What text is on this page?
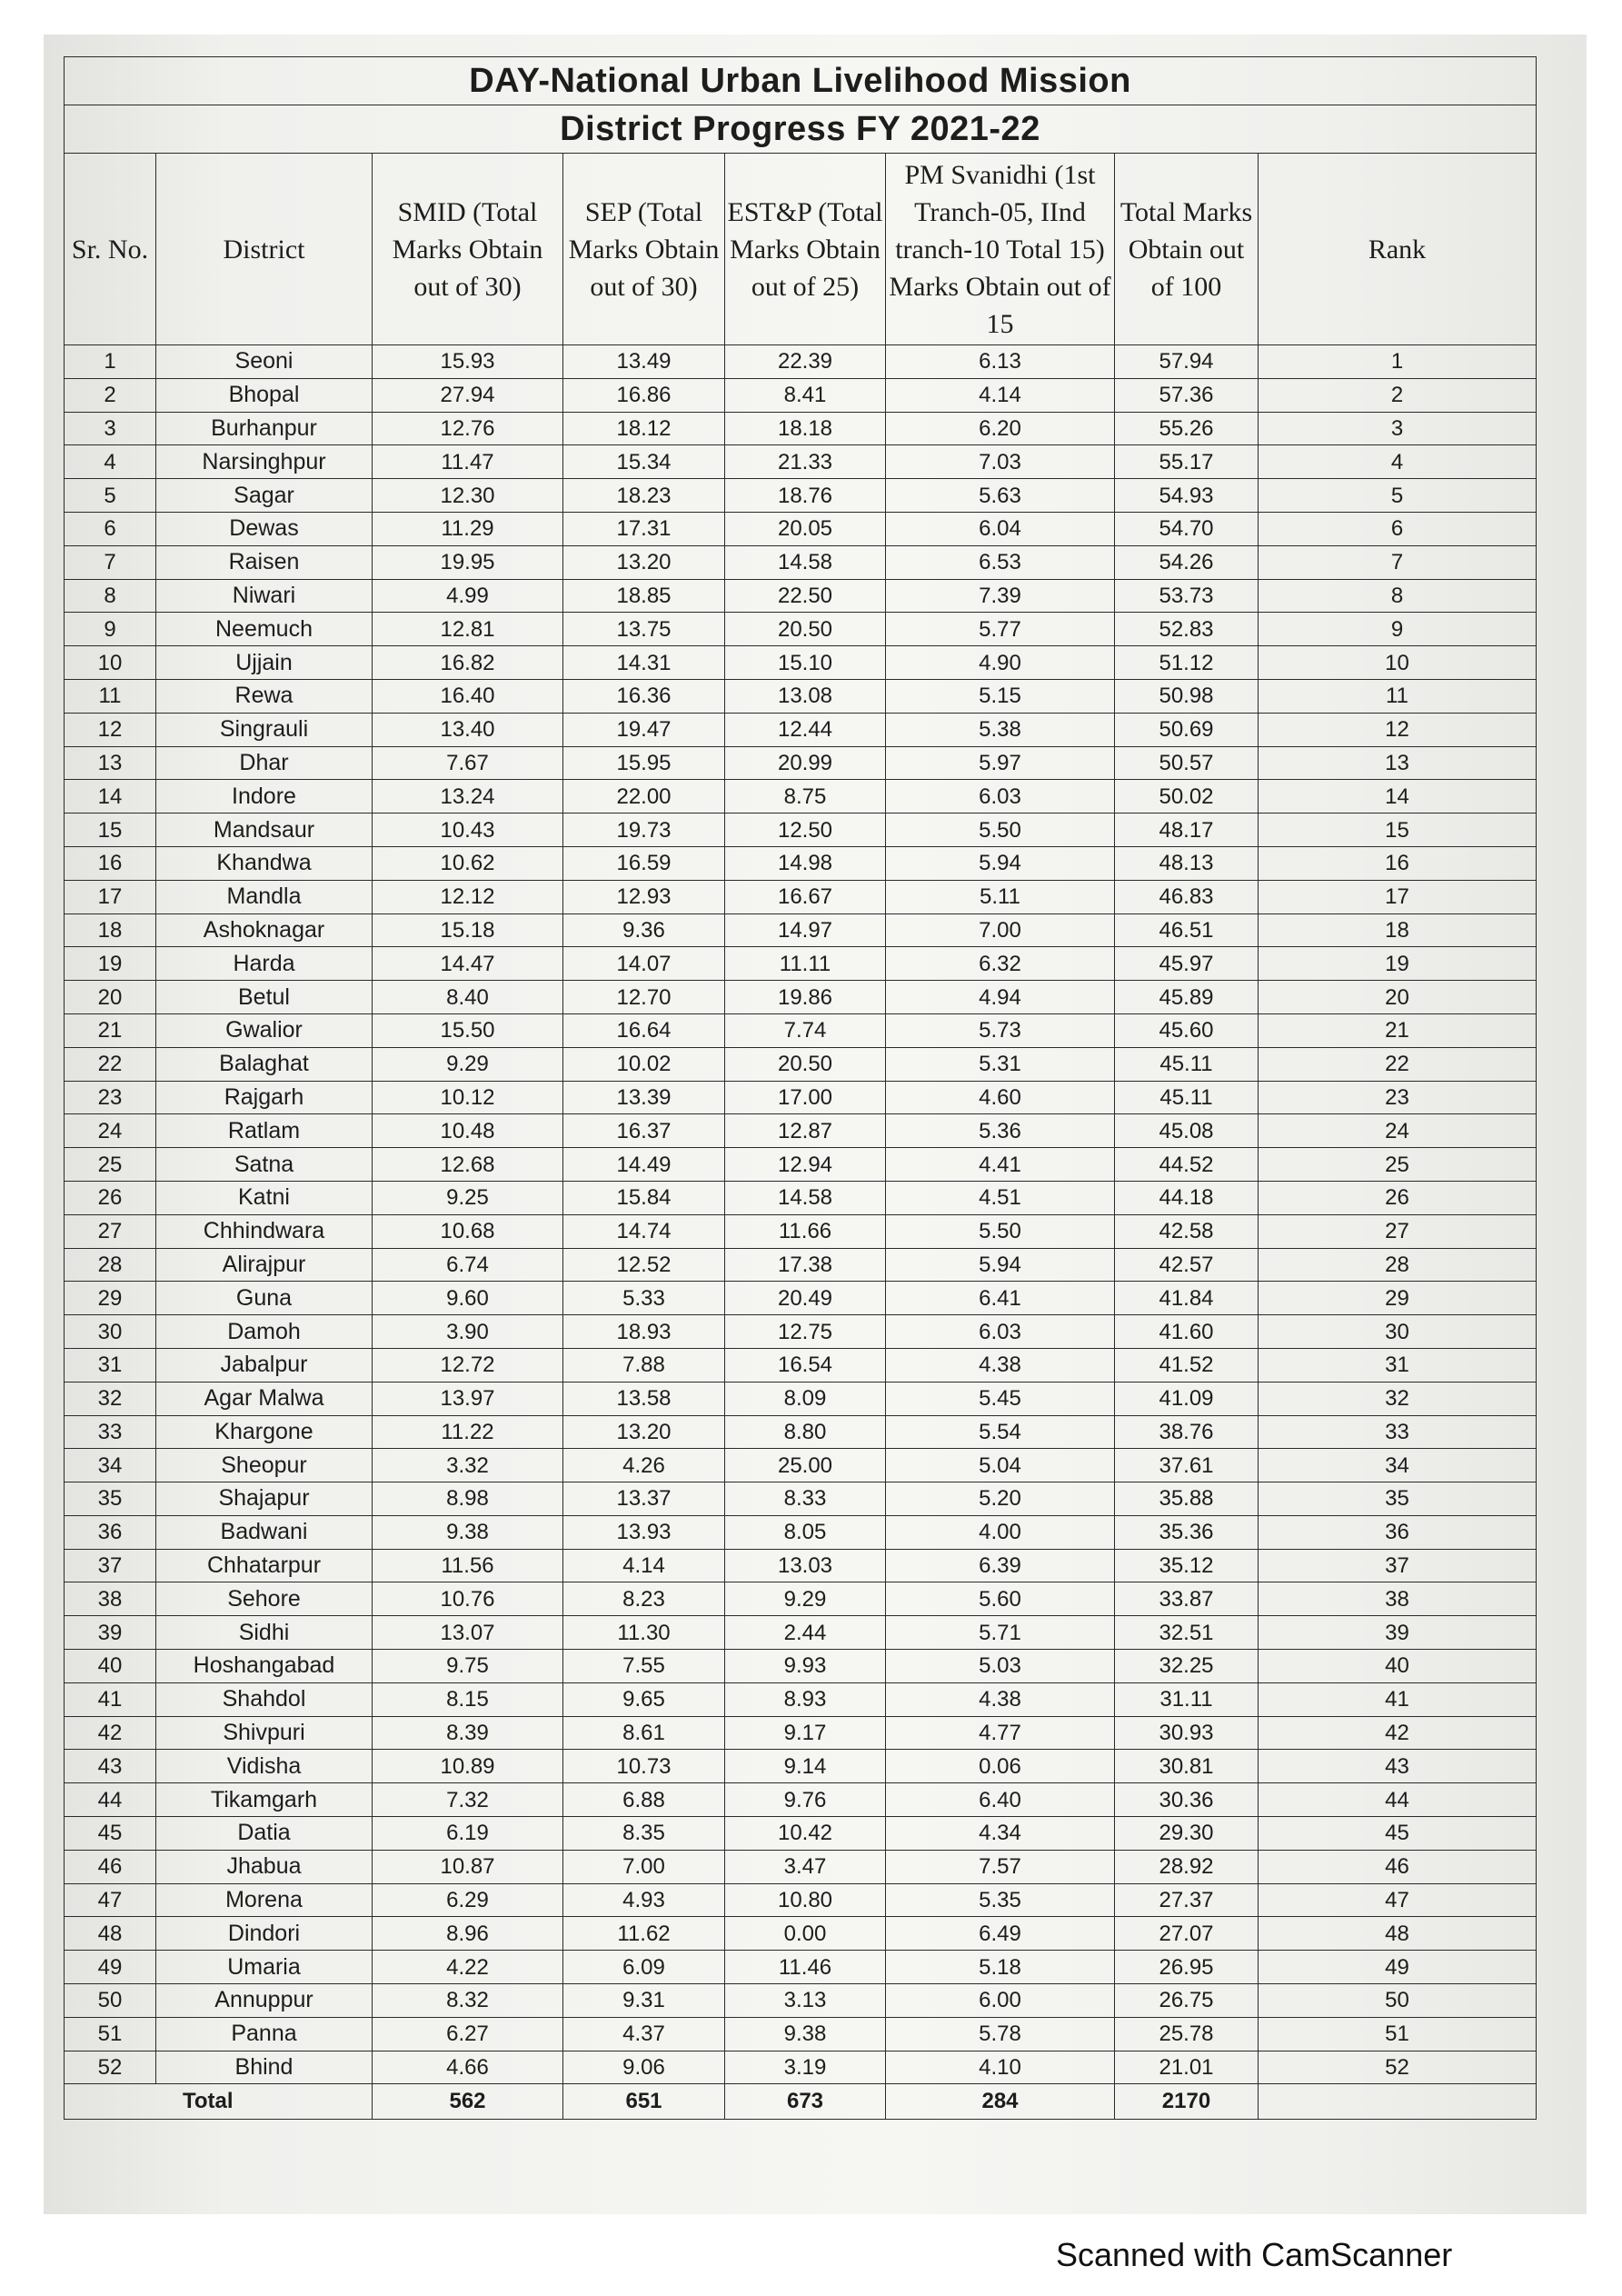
DAY-National Urban Livelihood Mission							
District Progress FY 2021-22							
Sr. No.	District	SMID (Total Marks Obtain out of 30)	SEP (Total Marks Obtain out of 30)	EST&P (Total Marks Obtain out of 25)	PM Svanidhi (1st Tranch-05, IInd tranch-10 Total 15) Marks Obtain out of 15	Total Marks Obtain out of 100	Rank
1	Seoni	15.93	13.49	22.39	6.13	57.94	1
2	Bhopal	27.94	16.86	8.41	4.14	57.36	2
3	Burhanpur	12.76	18.12	18.18	6.20	55.26	3
4	Narsinghpur	11.47	15.34	21.33	7.03	55.17	4
5	Sagar	12.30	18.23	18.76	5.63	54.93	5
6	Dewas	11.29	17.31	20.05	6.04	54.70	6
7	Raisen	19.95	13.20	14.58	6.53	54.26	7
8	Niwari	4.99	18.85	22.50	7.39	53.73	8
9	Neemuch	12.81	13.75	20.50	5.77	52.83	9
10	Ujjain	16.82	14.31	15.10	4.90	51.12	10
11	Rewa	16.40	16.36	13.08	5.15	50.98	11
12	Singrauli	13.40	19.47	12.44	5.38	50.69	12
13	Dhar	7.67	15.95	20.99	5.97	50.57	13
14	Indore	13.24	22.00	8.75	6.03	50.02	14
15	Mandsaur	10.43	19.73	12.50	5.50	48.17	15
16	Khandwa	10.62	16.59	14.98	5.94	48.13	16
17	Mandla	12.12	12.93	16.67	5.11	46.83	17
18	Ashoknagar	15.18	9.36	14.97	7.00	46.51	18
19	Harda	14.47	14.07	11.11	6.32	45.97	19
20	Betul	8.40	12.70	19.86	4.94	45.89	20
21	Gwalior	15.50	16.64	7.74	5.73	45.60	21
22	Balaghat	9.29	10.02	20.50	5.31	45.11	22
23	Rajgarh	10.12	13.39	17.00	4.60	45.11	23
24	Ratlam	10.48	16.37	12.87	5.36	45.08	24
25	Satna	12.68	14.49	12.94	4.41	44.52	25
26	Katni	9.25	15.84	14.58	4.51	44.18	26
27	Chhindwara	10.68	14.74	11.66	5.50	42.58	27
28	Alirajpur	6.74	12.52	17.38	5.94	42.57	28
29	Guna	9.60	5.33	20.49	6.41	41.84	29
30	Damoh	3.90	18.93	12.75	6.03	41.60	30
31	Jabalpur	12.72	7.88	16.54	4.38	41.52	31
32	Agar Malwa	13.97	13.58	8.09	5.45	41.09	32
33	Khargone	11.22	13.20	8.80	5.54	38.76	33
34	Sheopur	3.32	4.26	25.00	5.04	37.61	34
35	Shajapur	8.98	13.37	8.33	5.20	35.88	35
36	Badwani	9.38	13.93	8.05	4.00	35.36	36
37	Chhatarpur	11.56	4.14	13.03	6.39	35.12	37
38	Sehore	10.76	8.23	9.29	5.60	33.87	38
39	Sidhi	13.07	11.30	2.44	5.71	32.51	39
40	Hoshangabad	9.75	7.55	9.93	5.03	32.25	40
41	Shahdol	8.15	9.65	8.93	4.38	31.11	41
42	Shivpuri	8.39	8.61	9.17	4.77	30.93	42
43	Vidisha	10.89	10.73	9.14	0.06	30.81	43
44	Tikamgarh	7.32	6.88	9.76	6.40	30.36	44
45	Datia	6.19	8.35	10.42	4.34	29.30	45
46	Jhabua	10.87	7.00	3.47	7.57	28.92	46
47	Morena	6.29	4.93	10.80	5.35	27.37	47
48	Dindori	8.96	11.62	0.00	6.49	27.07	48
49	Umaria	4.22	6.09	11.46	5.18	26.95	49
50	Annuppur	8.32	9.31	3.13	6.00	26.75	50
51	Panna	6.27	4.37	9.38	5.78	25.78	51
52	Bhind	4.66	9.06	3.19	4.10	21.01	52
Total		562	651	673	284	2170	
Scanned with CamScanner
